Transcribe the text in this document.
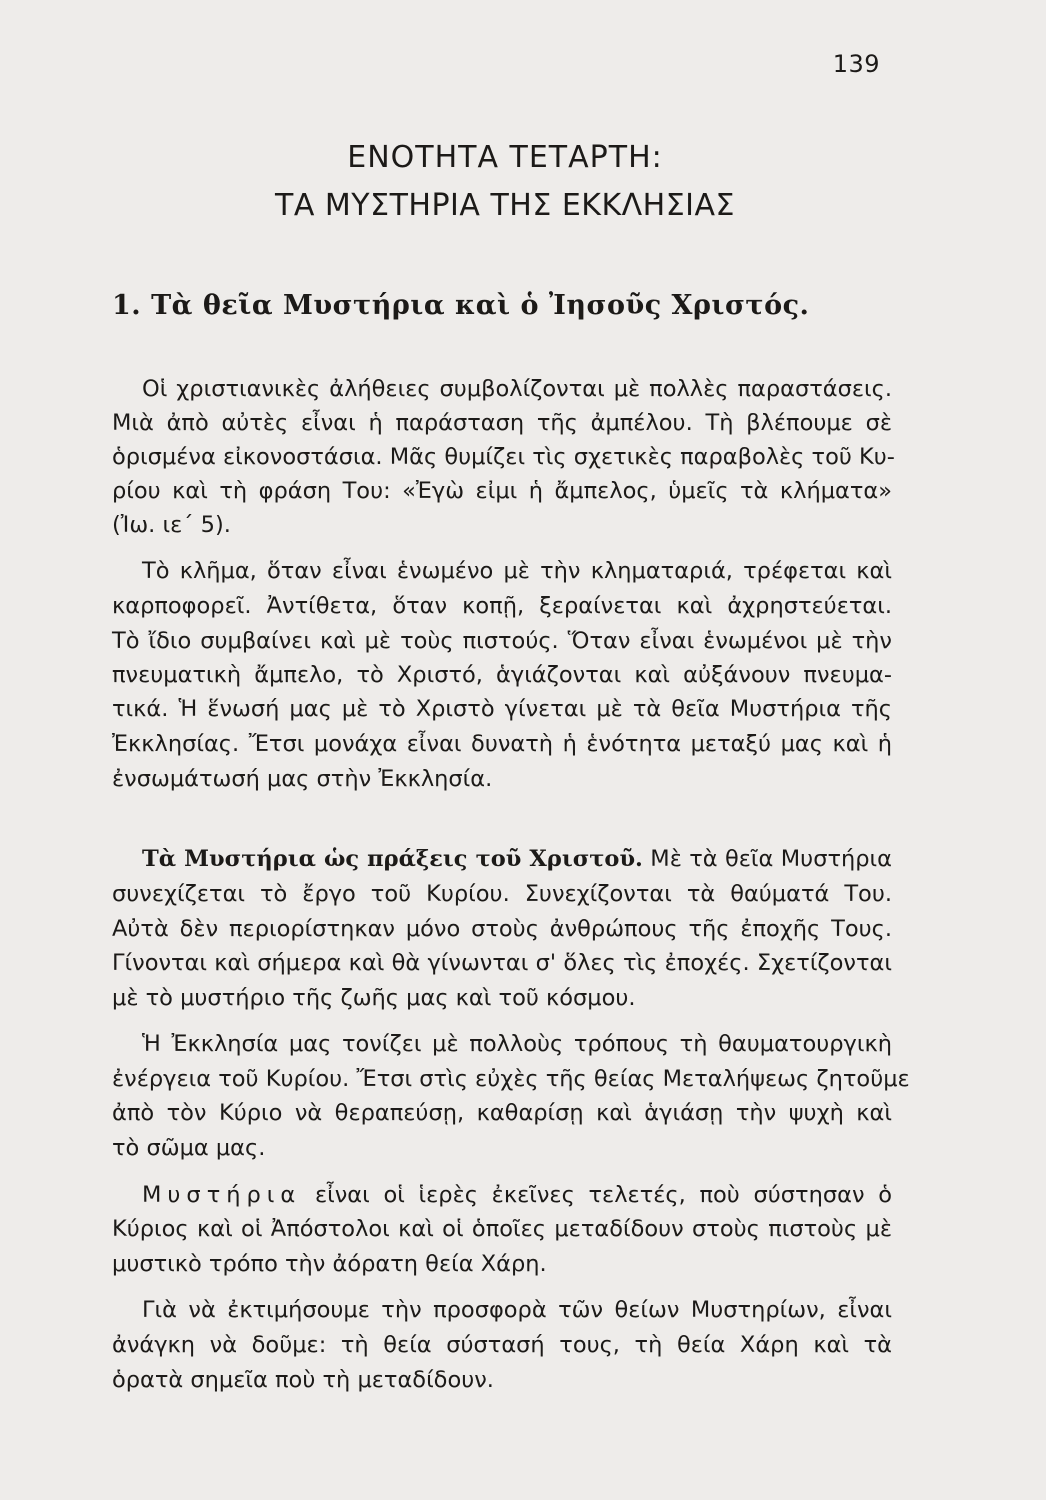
139
ΕΝΟΤΗΤΑ ΤΕΤΑΡΤΗ:
ΤΑ ΜΥΣΤΗΡΙΑ ΤΗΣ ΕΚΚΛΗΣΙΑΣ
1. Τὰ θεῖα Μυστήρια καὶ ὁ Ἰησοῦς Χριστός.
Οἱ χριστιανικὲς ἀλήθειες συμβολίζονται μὲ πολλὲς παραστάσεις.
Μιὰ ἀπὸ αὐτὲς εἶναι ἡ παράσταση τῆς ἀμπέλου. Τὴ βλέπουμε σὲ
ὁρισμένα εἰκονοστάσια. Μᾶς θυμίζει τὶς σχετικὲς παραβολὲς τοῦ Κυ-
ρίου καὶ τὴ φράση Του: «Ἐγὼ εἰμι ἡ ἄμπελος, ὑμεῖς τὰ κλήματα»
(Ἰω. ιε΄ 5).
Τὸ κλῆμα, ὅταν εἶναι ἑνωμένο μὲ τὴν κληματαριά, τρέφεται καὶ
καρποφορεῖ. Ἀντίθετα, ὅταν κοπῇ, ξεραίνεται καὶ ἀχρηστεύεται.
Τὸ ἴδιο συμβαίνει καὶ μὲ τοὺς πιστούς. Ὅταν εἶναι ἑνωμένοι μὲ τὴν
πνευματικὴ ἄμπελο, τὸ Χριστό, ἁγιάζονται καὶ αὐξάνουν πνευμα-
τικά. Ἡ ἕνωσή μας μὲ τὸ Χριστὸ γίνεται μὲ τὰ θεῖα Μυστήρια τῆς
Ἐκκλησίας. Ἔτσι μονάχα εἶναι δυνατὴ ἡ ἑνότητα μεταξύ μας καὶ ἡ
ἐνσωμάτωσή μας στὴν Ἐκκλησία.
Τὰ Μυστήρια ὡς πράξεις τοῦ Χριστοῦ. Μὲ τὰ θεῖα Μυστήρια
συνεχίζεται τὸ ἔργο τοῦ Κυρίου. Συνεχίζονται τὰ θαύματά Του.
Αὐτὰ δὲν περιορίστηκαν μόνο στοὺς ἀνθρώπους τῆς ἐποχῆς Τους.
Γίνονται καὶ σήμερα καὶ θὰ γίνωνται σ' ὅλες τὶς ἐποχές. Σχετίζονται
μὲ τὸ μυστήριο τῆς ζωῆς μας καὶ τοῦ κόσμου.
Ἡ Ἐκκλησία μας τονίζει μὲ πολλοὺς τρόπους τὴ θαυματουργικὴ
ἐνέργεια τοῦ Κυρίου. Ἔτσι στὶς εὐχὲς τῆς θείας Μεταλήψεως ζητοῦμε
ἀπὸ τὸν Κύριο νὰ θεραπεύσῃ, καθαρίσῃ καὶ ἁγιάσῃ τὴν ψυχὴ καὶ
τὸ σῶμα μας.
Μυστήρια εἶναι οἱ ἱερὲς ἐκεῖνες τελετές, ποὺ σύστησαν ὁ
Κύριος καὶ οἱ Ἀπόστολοι καὶ οἱ ὁποῖες μεταδίδουν στοὺς πιστοὺς μὲ
μυστικὸ τρόπο τὴν ἀόρατη θεία Χάρη.
Γιὰ νὰ ἐκτιμήσουμε τὴν προσφορὰ τῶν θείων Μυστηρίων, εἶναι
ἀνάγκη νὰ δοῦμε: τὴ θεία σύστασή τους, τὴ θεία Χάρη καὶ τὰ
ὁρατὰ σημεῖα ποὺ τὴ μεταδίδουν.
